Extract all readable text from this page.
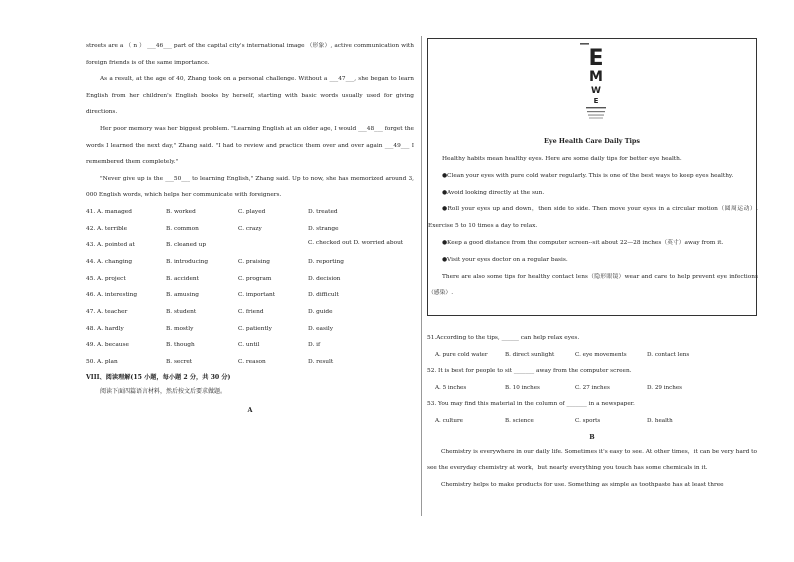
streets are a （ n ） ___46___ part of the capital city's international image （形象）, active communication with foreign friends is of the same importance.

As a result, at the age of 40, Zhang took on a personal challenge. Without a ___47___, she began to learn English from her children's English books by herself, starting with basic words usually used for giving directions.

Her poor memory was her biggest problem. "Learning English at an older age, I would ___48___ forget the words I learned the next day," Zhang said. "I had to review and practice them over and over again ___49___ I remembered them completely."

"Never give up is the ___50___ to learning English," Zhang said. Up to now, she has memorized around 3, 000 English words, which helps her communicate with foreigners.

41. A. managed	B. worked	C. played	D. treated
42. A. terrible	B. common	C. crazy	D. strange
43. A. pointed at	B. cleaned up	C. checked out D. worried about
44. A. changing	B. introducing	C. praising	D. reporting
45. A. project	B. accident	C. program	D. decision
46. A. interesting	B. amusing	C. important	D. difficult
47. A. teacher	B. student	C. friend	D. guide
48. A. hardly	B. mostly	C. patiently	D. easily
49. A. because	B. though	C. until	D. if
50. A. plan	B. secret	C. reason	D. result
VIII、阅读理解(15 小题，每小题 2 分，共 30 分)
阅读下面四篇语言材料，然后按文后要求做题。
A
E
M
W
E
Eye Health Care Daily Tips

Healthy habits mean healthy eyes. Here are some daily tips for better eye health.

●Clean your eyes with pure cold water regularly. This is one of the best ways to keep eyes healthy.

●Avoid looking directly at the sun.

●Roll your eyes up and down，then side to side. Then move your eyes in a circular motion（圆周运动）. Exercise 5 to 10 times a day to relax.

●Keep a good distance from the computer screen--sit about 22—28 inches（英寸）away from it.

●Visit your eyes doctor on a regular basis.

There are also some tips for healthy contact lens（隐形眼镜）wear and care to help prevent eye infections（感染）.

51.According to the tips, ______ can help relax eyes.
A. pure cold water	B. direct sunlight	C. eye movements	D. contact lens
52. It is best for people to sit _______ away from the computer screen.
A. 5 inches	B. 10 inches	C. 27 inches	D. 29 inches
53. You may find this material in the column of _______ in a newspaper.
A. culture	B. science	C. sports	D. health
B

Chemistry is everywhere in our daily life. Sometimes it's easy to see. At other times，it can be very hard to see the everyday chemistry at work，but nearly everything you touch has some chemicals in it.

Chemistry helps to make products for use. Something as simple as toothpaste has at least three
